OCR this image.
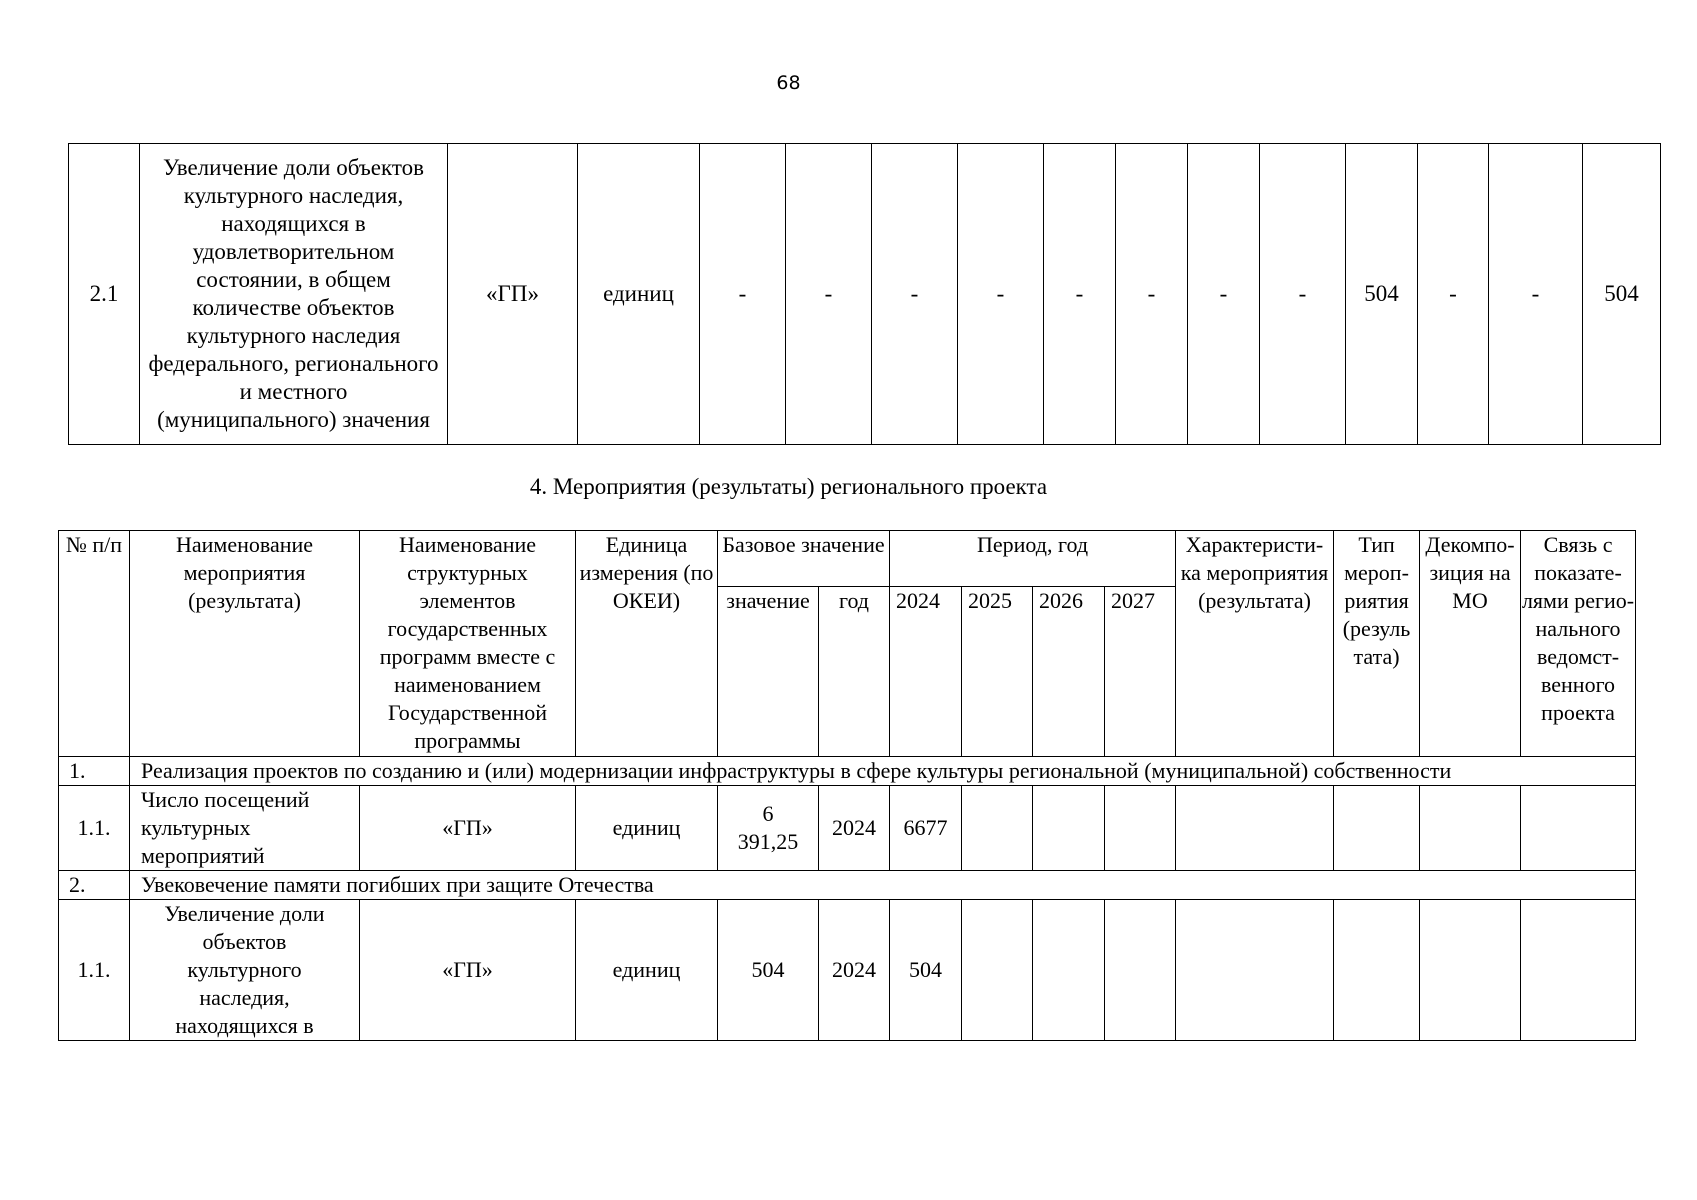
68
2.1	Увеличение доли объектов культурного наследия, находящихся в удовлетворительном состоянии, в общем количестве объектов культурного наследия федерального, регионального и местного (муниципального) значения	«ГП»	единиц	-	-	-	-	-	-	-	-	504	-	-	504
4. Мероприятия (результаты) регионального проекта
№ п/п	Наименование мероприятия (результата)	Наименование структурных элементов государственных программ вместе с наименованием Государственной программы	Единица измерения (по ОКЕИ)	Базовое значение		Период, год				Характеристи-ка мероприятия (результата)	Тип мероп-риятия (резуль тата)	Декомпо-зиция на МО	Связь с показате-лями регио-нального ведомст-венного проекта
				значение	год	2024	2025	2026	2027				
1.	Реализация проектов по созданию и (или) модернизации инфраструктуры в сфере культуры региональной (муниципальной) собственности												
1.1.	Число посещений культурных мероприятий	«ГП»	единиц	6 391,25	2024	6677							
2.	Увековечение памяти погибших при защите Отечества												
1.1.	Увеличение доли объектов культурного наследия, находящихся в	«ГП»	единиц	504	2024	504							
